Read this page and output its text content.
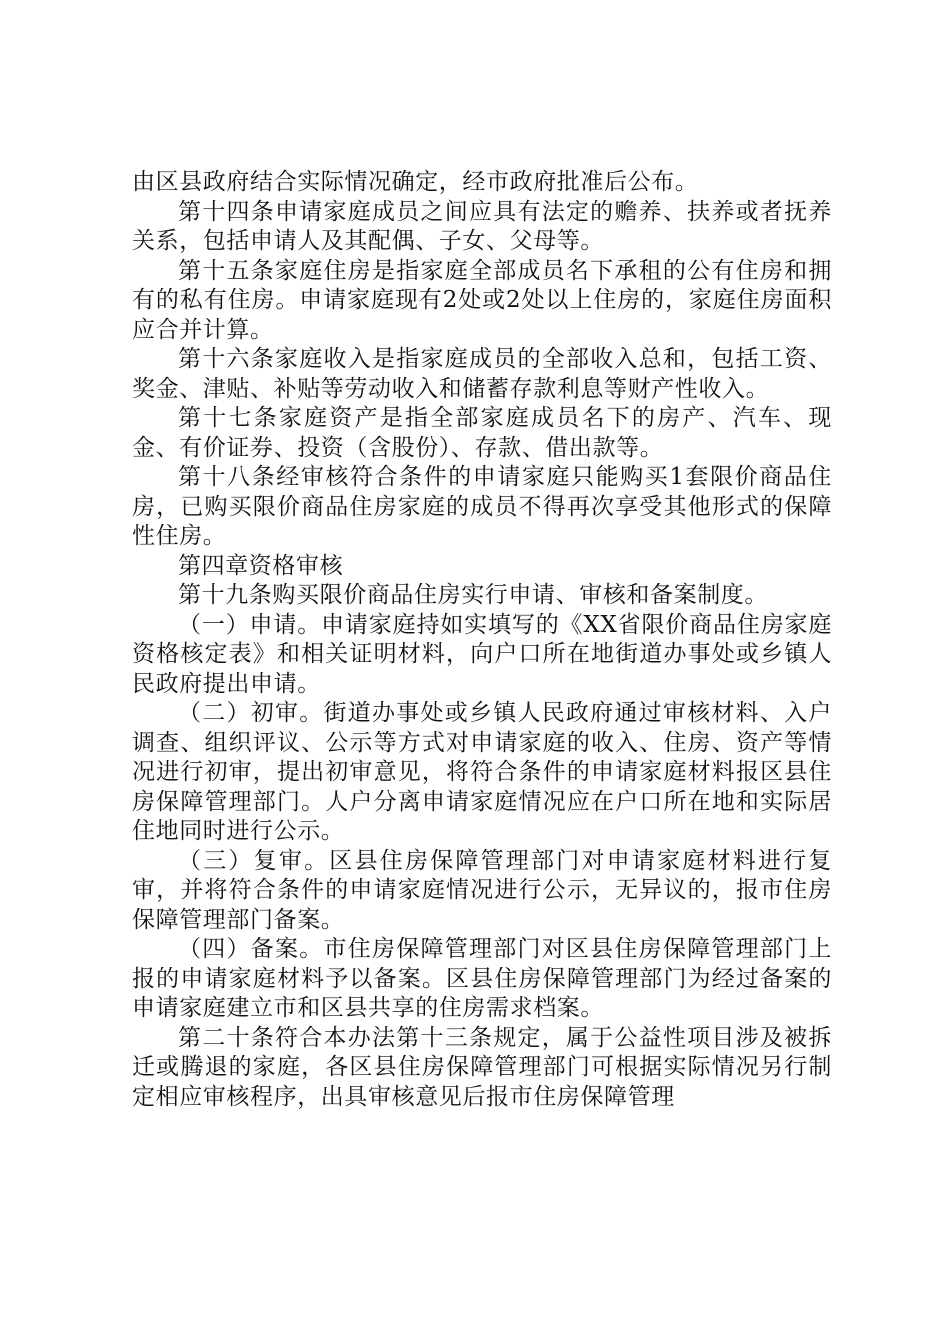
由区县政府结合实际情况确定，经市政府批准后公布。

第十四条申请家庭成员之间应具有法定的赡养、扶养或者抚养关系，包括申请人及其配偶、子女、父母等。

第十五条家庭住房是指家庭全部成员名下承租的公有住房和拥有的私有住房。申请家庭现有2处或2处以上住房的，家庭住房面积应合并计算。

第十六条家庭收入是指家庭成员的全部收入总和，包括工资、奖金、津贴、补贴等劳动收入和储蓄存款利息等财产性收入。

第十七条家庭资产是指全部家庭成员名下的房产、汽车、现金、有价证券、投资（含股份）、存款、借出款等。

第十八条经审核符合条件的申请家庭只能购买1套限价商品住房，已购买限价商品住房家庭的成员不得再次享受其他形式的保障性住房。

第四章资格审核

第十九条购买限价商品住房实行申请、审核和备案制度。

（一）申请。申请家庭持如实填写的《XX省限价商品住房家庭资格核定表》和相关证明材料，向户口所在地街道办事处或乡镇人民政府提出申请。

（二）初审。街道办事处或乡镇人民政府通过审核材料、入户调查、组织评议、公示等方式对申请家庭的收入、住房、资产等情况进行初审，提出初审意见，将符合条件的申请家庭材料报区县住房保障管理部门。人户分离申请家庭情况应在户口所在地和实际居住地同时进行公示。

（三）复审。区县住房保障管理部门对申请家庭材料进行复审，并将符合条件的申请家庭情况进行公示，无异议的，报市住房保障管理部门备案。

（四）备案。市住房保障管理部门对区县住房保障管理部门上报的申请家庭材料予以备案。区县住房保障管理部门为经过备案的申请家庭建立市和区县共享的住房需求档案。

第二十条符合本办法第十三条规定，属于公益性项目涉及被拆迁或腾退的家庭，各区县住房保障管理部门可根据实际情况另行制定相应审核程序，出具审核意见后报市住房保障管理
